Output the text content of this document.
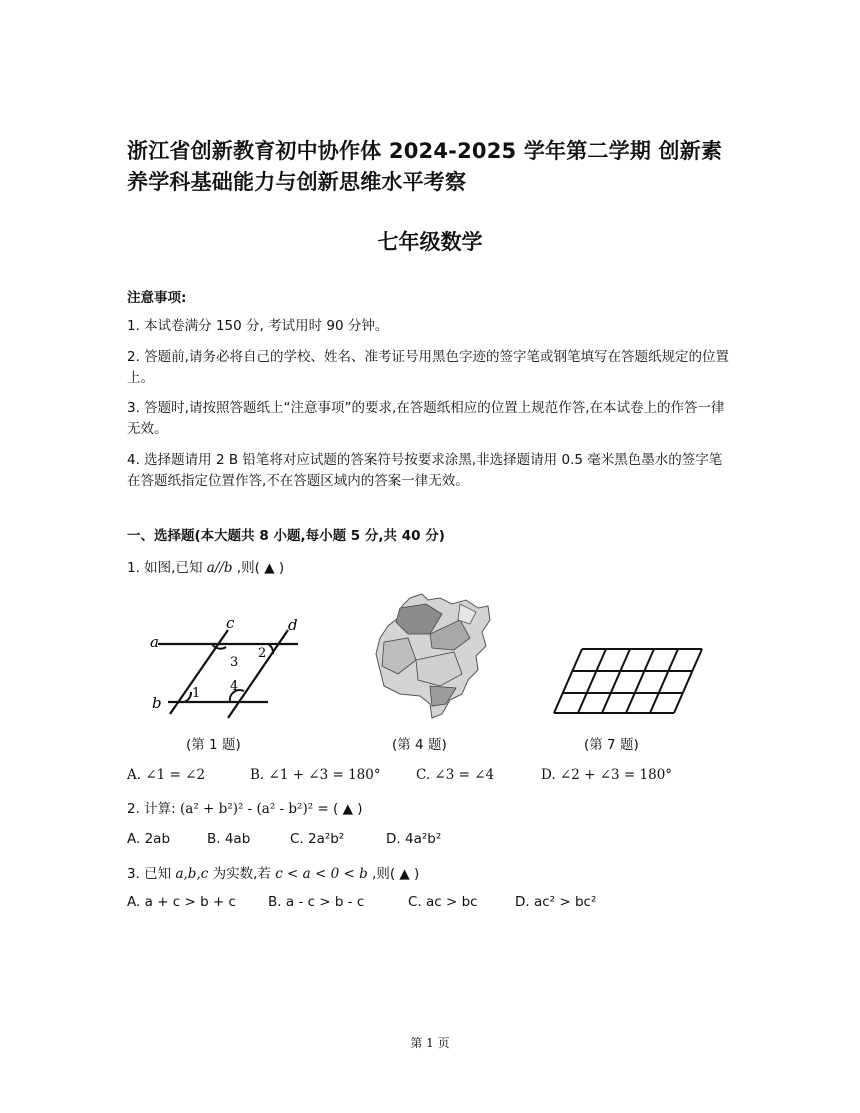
浙江省创新教育初中协作体 2024-2025 学年第二学期 创新素养学科基础能力与创新思维水平考察
七年级数学
注意事项:
1. 本试卷满分 150 分, 考试用时 90 分钟。
2. 答题前,请务必将自己的学校、姓名、准考证号用黑色字迹的签字笔或钢笔填写在答题纸规定的位置上。
3. 答题时,请按照答题纸上“注意事项”的要求,在答题纸相应的位置上规范作答,在本试卷上的作答一律无效。
4. 选择题请用 2 B 铅笔将对应试题的答案符号按要求涂黑,非选择题请用 0.5 毫米黑色墨水的签字笔在答题纸指定位置作答,不在答题区域内的答案一律无效。
一、选择题(本大题共 8 小题,每小题 5 分,共 40 分)
1. 如图,已知 a//b ,则( ▲ )
a
b
c	d
1
2
3
4
(第 1 题)	(第 4 题)	(第 7 题)
A. ∠1 = ∠2	B. ∠1 + ∠3 = 180°	C. ∠3 = ∠4	D. ∠2 + ∠3 = 180°
2. 计算: (a² + b²)² - (a² - b²)² = ( ▲ )
A. 2ab	B. 4ab	C. 2a²b²	D. 4a²b²
3. 已知 a,b,c 为实数,若 c < a < 0 < b ,则( ▲ )
A. a + c > b + c B. a - c > b - c	C. ac > bc	D. ac² > bc²
第 1 页
